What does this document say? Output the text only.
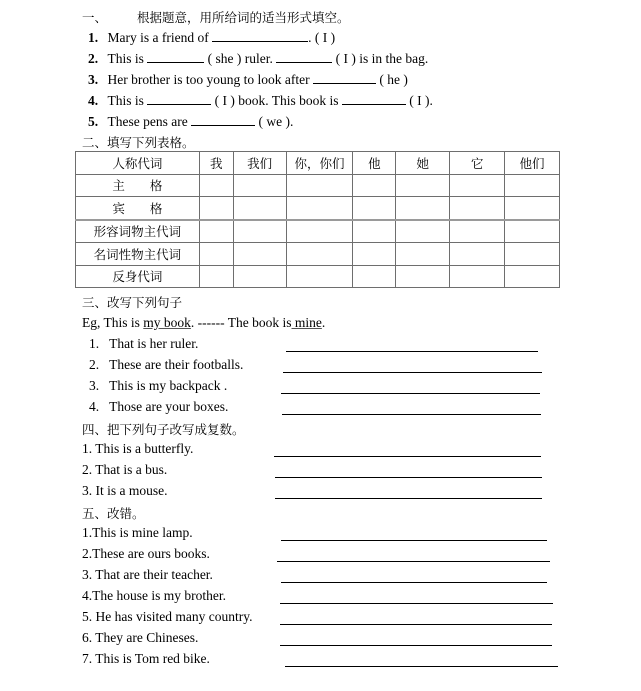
一、 根据题意，用所给词的适当形式填空。
1. Mary is a friend of	. ( I )
2. This is	( she ) ruler.	( I ) is in the bag.
3. Her brother is too young to look after	( he )
4. This is	( I ) book. This book is	( I ).
5. These pens are	( we ).
二、填写下列表格。
人称代词	我	我们	你，你们	他	她	它	他们
主　　格							
宾　　格							
形容词物主代词							
名词性物主代词							
反身代词							
三、改写下列句子
Eg, This is my book. ------ The book is mine.
1. That is her ruler.
2. These are their footballs.
3. This is my backpack .
4. Those are your boxes.
四、把下列句子改写成复数。
1. This is a butterfly.
2. That is a bus.
3. It is a mouse.
五、改错。
1.This is mine lamp.
2.These are ours books.
3. That are their teacher.
4.The house is my brother.
5. He has visited many country.
6. They are Chineses.
7. This is Tom red bike.
